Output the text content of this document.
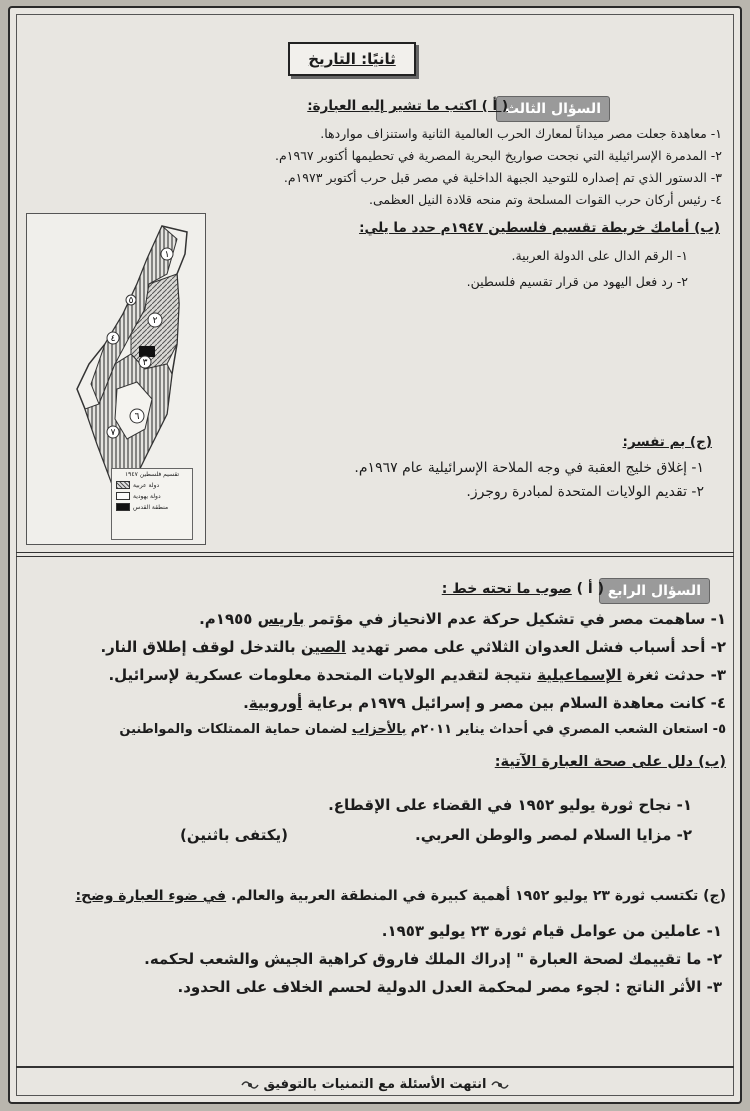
ثانيًا: التاريخ
السؤال الثالث
( أ ) اكتب ما تشير إليه العبارة:
١- معاهدة جعلت مصر ميداناً لمعارك الحرب العالمية الثانية واستنزاف مواردها.
٢- المدمرة الإسرائيلية التي نجحت صواريخ البحرية المصرية في تحطيمها أكتوبر ١٩٦٧م.
٣- الدستور الذي تم إصداره للتوحيد الجبهة الداخلية في مصر قبل حرب أكتوبر ١٩٧٣م.
٤- رئيس أركان حرب القوات المسلحة وتم منحه قلادة النيل العظمى.
(ب) أمامك خريطة تقسيم فلسطين ١٩٤٧م حدد ما يلي:
١- الرقم الدال على الدولة العربية.
٢- رد فعل اليهود من قرار تقسيم فلسطين.
١
٢
٣
٤
٥
٦
٧
تقسيم فلسطين ١٩٤٧
دولة عربية
دولة يهودية
منطقة القدس
(ج) بم تفسر:
١- إغلاق خليج العقبة في وجه الملاحة الإسرائيلية عام ١٩٦٧م.
٢- تقديم الولايات المتحدة لمبادرة روجرز.
السؤال الرابع
( أ ) صوب ما تحته خط :
١- ساهمت مصر في تشكيل حركة عدم الانحياز في مؤتمر باريس ١٩٥٥م.
٢- أحد أسباب فشل العدوان الثلاثي على مصر تهديد الصين بالتدخل لوقف إطلاق النار.
٣- حدثت ثغرة الإسماعيلية نتيجة لتقديم الولايات المتحدة معلومات عسكرية لإسرائيل.
٤- كانت معاهدة السلام بين مصر و إسرائيل ١٩٧٩م برعاية أوروبية.
٥- استعان الشعب المصري في أحداث يناير ٢٠١١م بالأحزاب لضمان حماية الممتلكات والمواطنين
(ب) دلل على صحة العبارة الآتية:
١- نجاح ثورة يوليو ١٩٥٢ في القضاء على الإقطاع.
٢- مزايا السلام لمصر والوطن العربي.
(يكتفى باثنين)
(ج) تكتسب ثورة ٢٣ يوليو ١٩٥٢ أهمية كبيرة في المنطقة العربية والعالم. في ضوء العبارة وضح:
١- عاملين من عوامل قيام ثورة ٢٣ يوليو ١٩٥٣.
٢- ما تقييمك لصحة العبارة " إدراك الملك فاروق كراهية الجيش والشعب لحكمه.
٣- الأثر الناتج : لجوء مصر لمحكمة العدل الدولية لحسم الخلاف على الحدود.
انتهت الأسئلة مع التمنيات بالتوفيق
